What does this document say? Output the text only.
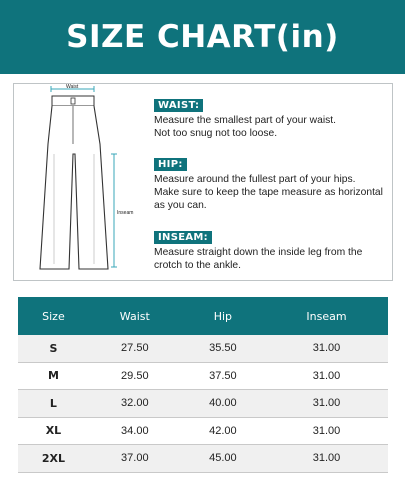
SIZE CHART(in)
Waist
Inseam
WAIST:
Measure the smallest part of your waist.
Not too snug not too loose.
HIP:
Measure around the fullest part of your hips.
Make sure to keep the tape measure as horizontal
as you can.
INSEAM:
Measure straight down the inside leg from the
crotch to the ankle.
Size	Waist	Hip	Inseam
S	27.50	35.50	31.00
M	29.50	37.50	31.00
L	32.00	40.00	31.00
XL	34.00	42.00	31.00
2XL	37.00	45.00	31.00
